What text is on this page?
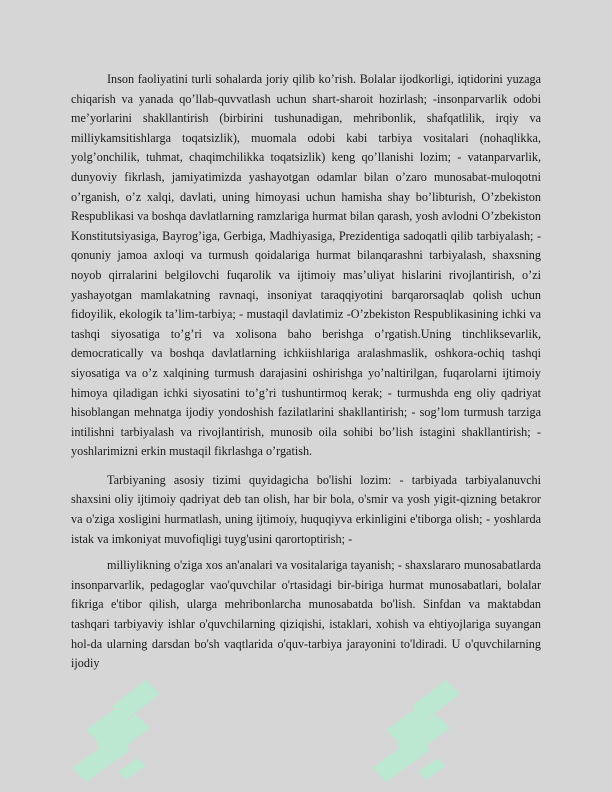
Inson faoliyatini turli sohalarda joriy qilib ko’rish. Bolalar ijodkorligi, iqtidorini yuzaga chiqarish va yanada qo’llab-quvvatlash uchun shart-sharoit hozirlash; -insonparvarlik odobi me’yorlarini shakllantirish (birbirini tushunadigan, mehribonlik, shafqatlilik, irqiy va milliykamsitishlarga toqatsizlik), muomala odobi kabi tarbiya vositalari (nohaqlikka, yolg’onchilik, tuhmat, chaqimchilikka toqatsizlik) keng qo’llanishi lozim; - vatanparvarlik, dunyoviy fikrlash, jamiyatimizda yashayotgan odamlar bilan o’zaro munosabat-muloqotni o’rganish, o’z xalqi, davlati, uning himoyasi uchun hamisha shay bo’libturish, O’zbekiston Respublikasi va boshqa davlatlarning ramzlariga hurmat bilan qarash, yosh avlodni O’zbekiston Konstitutsiyasiga, Bayrog’iga, Gerbiga, Madhiyasiga, Prezidentiga sadoqatli qilib tarbiyalash; - qonuniy jamoa axloqi va turmush qoidalariga hurmat bilanqarashni tarbiyalash, shaxsning noyob qirralarini belgilovchi fuqarolik va ijtimoiy mas’uliyat hislarini rivojlantirish, o’zi yashayotgan mamlakatning ravnaqi, insoniyat taraqqiyotini barqarorsaqlab qolish uchun fidoyilik, ekologik ta’lim-tarbiya; - mustaqil davlatimiz -O’zbekiston Respublikasining ichki va tashqi siyosatiga to’g’ri va xolisona baho berishga o’rgatish.Uning tinchliksevarlik, democratically va boshqa davlatlarning ichkiishlariga aralashmaslik, oshkora-ochiq tashqi siyosatiga va o’z xalqining turmush darajasini oshirishga yo’naltirilgan, fuqarolarni ijtimoiy himoya qiladigan ichki siyosatini to’g’ri tushuntirmoq kerak; - turmushda eng oliy qadriyat hisoblangan mehnatga ijodiy yondoshish fazilatlarini shakllantirish; - sog’lom turmush tarziga intilishni tarbiyalash va rivojlantirish, munosib oila sohibi bo’lish istagini shakllantirish; - yoshlarimizni erkin mustaqil fikrlashga o’rgatish.

Tarbiyaning asosiy tizimi quyidagicha bo'lishi lozim: - tarbiyada tarbiyalanuvchi shaxsini oliy ijtimoiy qadriyat deb tan olish, har bir bola, o'smir va yosh yigit-qizning betakror va o'ziga xosligini hurmatlash, uning ijtimoiy, huquqiyva erkinligini e'tiborga olish; - yoshlarda istak va imkoniyat muvofiqligi tuyg'usini qarortoptirish; -

milliylikning o'ziga xos an'analari va vositalariga tayanish; - shaxslararo munosabatlarda insonparvarlik, pedagoglar vao'quvchilar o'rtasidagi bir-biriga hurmat munosabatlari, bolalar fikriga e'tibor qilish, ularga mehribonlarcha munosabatda bo'lish. Sinfdan va maktabdan tashqari tarbiyaviy ishlar o'quvchilarning qiziqishi, istaklari, xohish va ehtiyojlariga suyangan hol-da ularning darsdan bo'sh vaqtlarida o'quv-tarbiya jarayonini to'ldiradi. U o'quvchilarning ijodiy
